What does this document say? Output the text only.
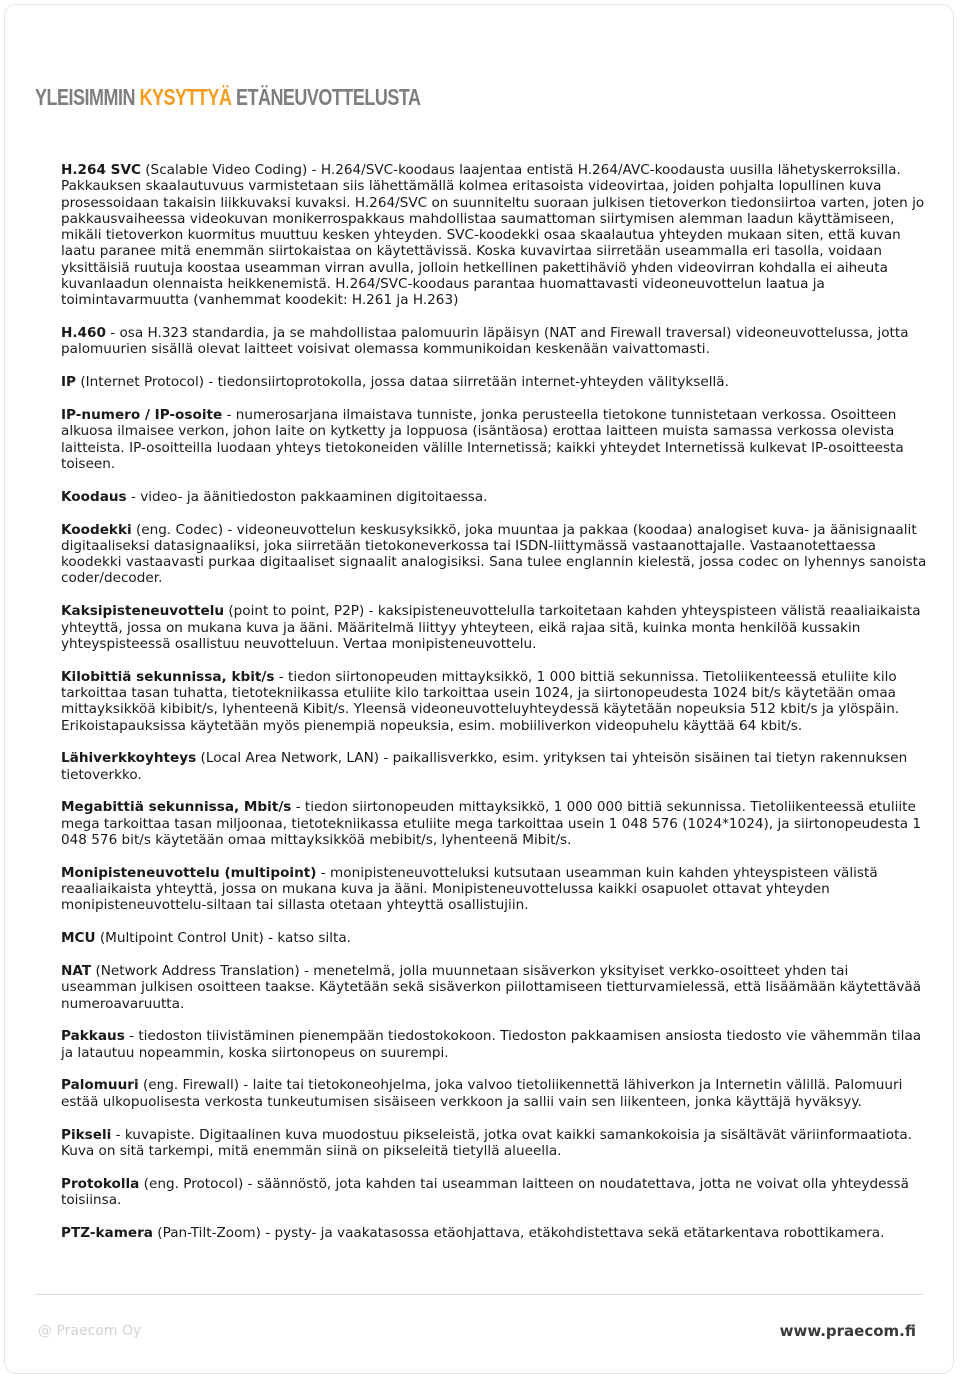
YLEISIMMIN KYSYTTYÄ ETÄNEUVOTTELUSTA

H.264 SVC (Scalable Video Coding) - H.264/SVC-koodaus laajentaa entistä H.264/AVC-koodausta uusilla lähetyskerroksilla. Pakkauksen skaalautuvuus varmistetaan siis lähettämällä kolmea eritasoista videovirtaa, joiden pohjalta lopullinen kuva prosessoidaan takaisin liikkuvaksi kuvaksi. H.264/SVC on suunniteltu suoraan julkisen tietoverkon tiedonsiirtoa varten, joten jo pakkausvaiheessa videokuvan monikerrospakkaus mahdollistaa saumattoman siirtymisen alemman laadun käyttämiseen, mikäli tietoverkon kuormitus muuttuu kesken yhteyden. SVC-koodekki osaa skaalautua yhteyden mukaan siten, että kuvan laatu paranee mitä enemmän siirtokaistaa on käytettävissä. Koska kuvavirtaa siirretään useammalla eri tasolla, voidaan yksittäisiä ruutuja koostaa useamman virran avulla, jolloin hetkellinen pakettihäviö yhden videovirran kohdalla ei aiheuta kuvanlaadun olennaista heikkenemistä. H.264/SVC-koodaus parantaa huomattavasti videoneuvottelun laatua ja toimintavarmuutta (vanhemmat koodekit: H.261 ja H.263)

H.460 - osa H.323 standardia, ja se mahdollistaa palomuurin läpäisyn (NAT and Firewall traversal) videoneuvottelussa, jotta palomuurien sisällä olevat laitteet voisivat olemassa kommunikoidan keskenään vaivattomasti.

IP (Internet Protocol) - tiedonsiirtoprotokolla, jossa dataa siirretään internet-yhteyden välityksellä.

IP-numero / IP-osoite - numerosarjana ilmaistava tunniste, jonka perusteella tietokone tunnistetaan verkossa. Osoitteen alkuosa ilmaisee verkon, johon laite on kytketty ja loppuosa (isäntäosa) erottaa laitteen muista samassa verkossa olevista laitteista. IP-osoitteilla luodaan yhteys tietokoneiden välille Internetissä; kaikki yhteydet Internetissä kulkevat IP-osoitteesta toiseen.

Koodaus - video- ja äänitiedoston pakkaaminen digitoitaessa.

Koodekki (eng. Codec) - videoneuvottelun keskusyksikkö, joka muuntaa ja pakkaa (koodaa) analogiset kuva- ja äänisignaalit digitaaliseksi datasignaaliksi, joka siirretään tietokoneverkossa tai ISDN-liittymässä vastaanottajalle. Vastaanotettaessa koodekki vastaavasti purkaa digitaaliset signaalit analogisiksi. Sana tulee englannin kielestä, jossa codec on lyhennys sanoista coder/decoder.

Kaksipisteneuvottelu (point to point, P2P) - kaksipisteneuvottelulla tarkoitetaan kahden yhteyspisteen välistä reaaliaikaista yhteyttä, jossa on mukana kuva ja ääni. Määritelmä liittyy yhteyteen, eikä rajaa sitä, kuinka monta henkilöä kussakin yhteyspisteessä osallistuu neuvotteluun. Vertaa monipisteneuvottelu.

Kilobittiä sekunnissa, kbit/s - tiedon siirtonopeuden mittayksikkö, 1 000 bittiä sekunnissa. Tietoliikenteessä etuliite kilo tarkoittaa tasan tuhatta, tietotekniikassa etuliite kilo tarkoittaa usein 1024, ja siirtonopeudesta 1024 bit/s käytetään omaa mittayksikköä kibibit/s, lyhenteenä Kibit/s. Yleensä videoneuvotteluyhteydessä käytetään nopeuksia 512 kbit/s ja ylöspäin. Erikoistapauksissa käytetään myös pienempiä nopeuksia, esim. mobiiliverkon videopuhelu käyttää 64 kbit/s.

Lähiverkkoyhteys (Local Area Network, LAN) - paikallisverkko, esim. yrityksen tai yhteisön sisäinen tai tietyn rakennuksen tietoverkko.

Megabittiä sekunnissa, Mbit/s - tiedon siirtonopeuden mittayksikkö, 1 000 000 bittiä sekunnissa. Tietoliikenteessä etuliite mega tarkoittaa tasan miljoonaa, tietotekniikassa etuliite mega tarkoittaa usein 1 048 576 (1024*1024), ja siirtonopeudesta 1 048 576 bit/s käytetään omaa mittayksikköä mebibit/s, lyhenteenä Mibit/s.

Monipisteneuvottelu (multipoint) - monipisteneuvotteluksi kutsutaan useamman kuin kahden yhteyspisteen välistä reaaliaikaista yhteyttä, jossa on mukana kuva ja ääni. Monipisteneuvottelussa kaikki osapuolet ottavat yhteyden monipisteneuvottelu-siltaan tai sillasta otetaan yhteyttä osallistujiin.

MCU (Multipoint Control Unit) - katso silta.

NAT (Network Address Translation) - menetelmä, jolla muunnetaan sisäverkon yksityiset verkko-osoitteet yhden tai useamman julkisen osoitteen taakse. Käytetään sekä sisäverkon piilottamiseen tietturvamielessä, että lisäämään käytettävää numeroavaruutta.

Pakkaus - tiedoston tiivistäminen pienempään tiedostokokoon. Tiedoston pakkaamisen ansiosta tiedosto vie vähemmän tilaa ja latautuu nopeammin, koska siirtonopeus on suurempi.

Palomuuri (eng. Firewall) - laite tai tietokoneohjelma, joka valvoo tietoliikennettä lähiverkon ja Internetin välillä. Palomuuri estää ulkopuolisesta verkosta tunkeutumisen sisäiseen verkkoon ja sallii vain sen liikenteen, jonka käyttäjä hyväksyy.

Pikseli - kuvapiste. Digitaalinen kuva muodostuu pikseleistä, jotka ovat kaikki samankokoisia ja sisältävät väriinformaatiota. Kuva on sitä tarkempi, mitä enemmän siinä on pikseleitä tietyllä alueella.

Protokolla (eng. Protocol) - säännöstö, jota kahden tai useamman laitteen on noudatettava, jotta ne voivat olla yhteydessä toisiinsa.

PTZ-kamera (Pan-Tilt-Zoom) - pysty- ja vaakatasossa etäohjattava, etäkohdistettava sekä etätarkentava robottikamera.

@ Praecom Oy	www.praecom.fi
